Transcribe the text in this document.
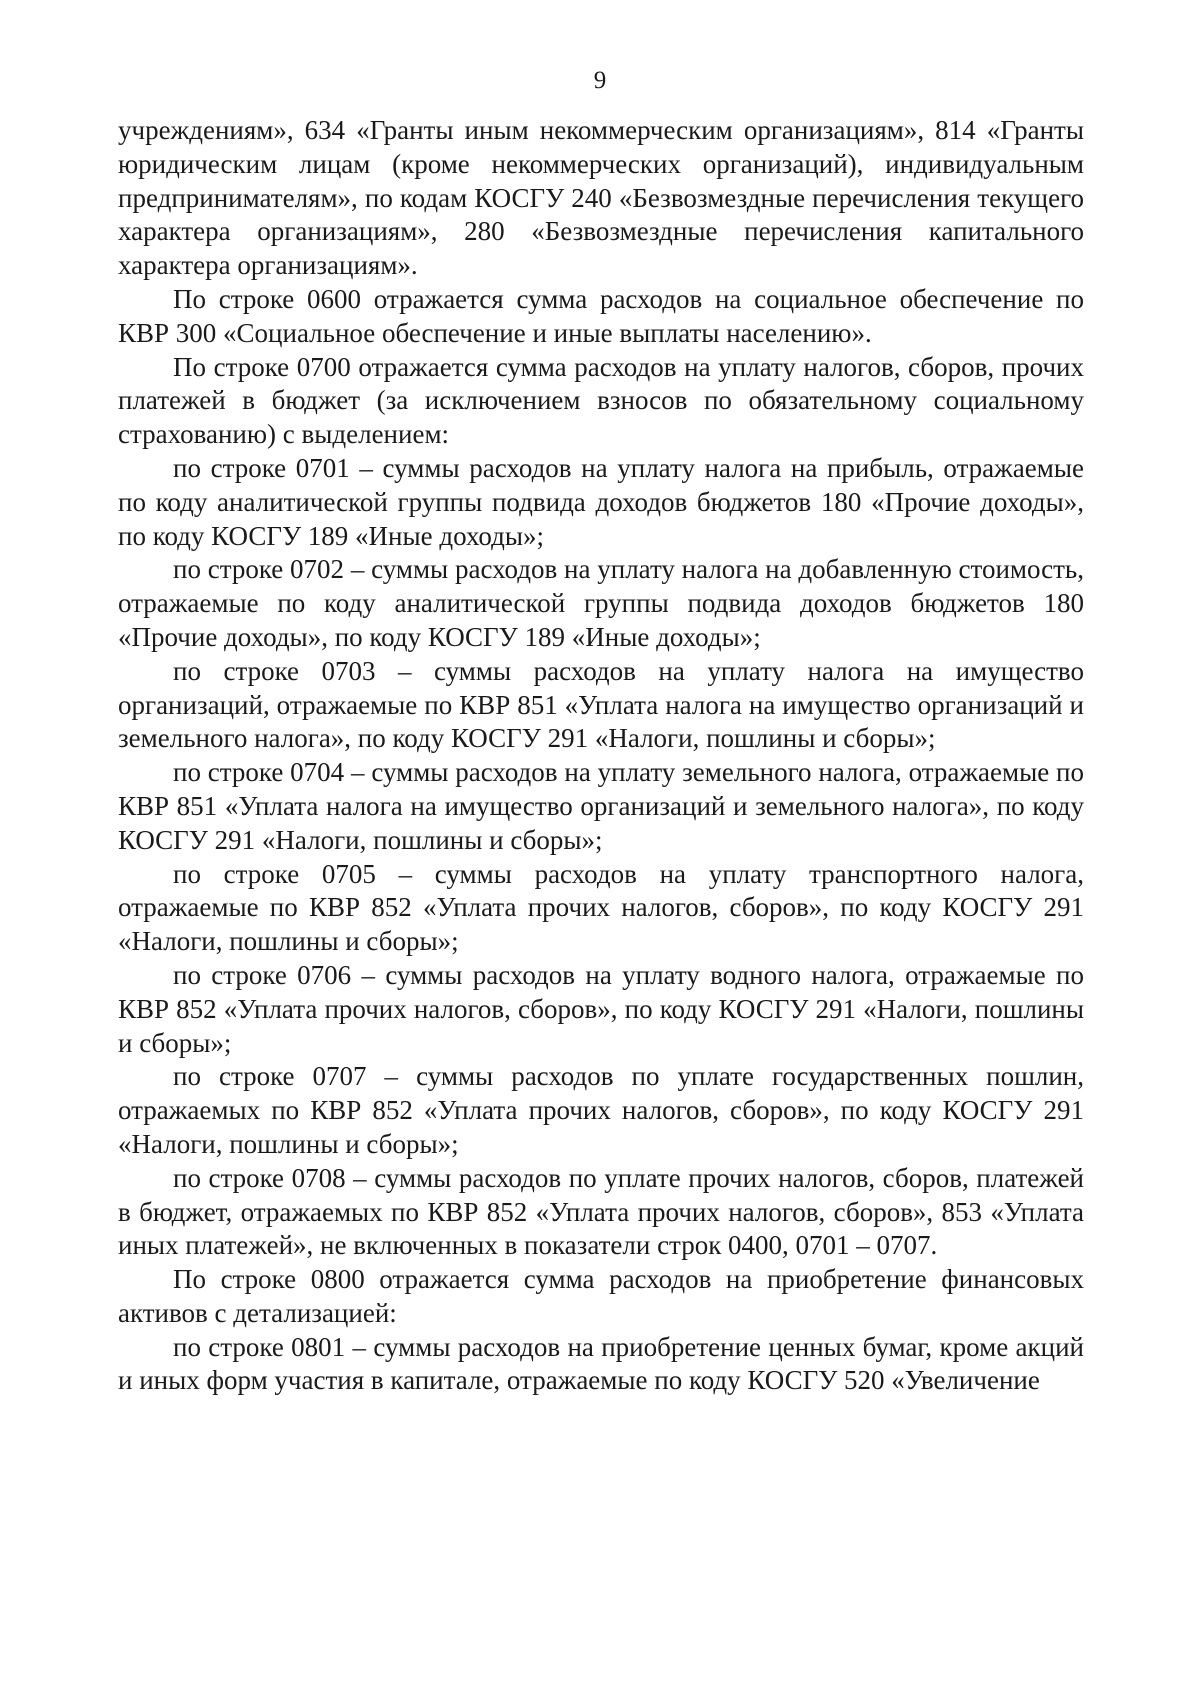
9

учреждениям», 634 «Гранты иным некоммерческим организациям», 814 «Гранты юридическим лицам (кроме некоммерческих организаций), индивидуальным предпринимателям», по кодам КОСГУ 240 «Безвозмездные перечисления текущего характера организациям», 280 «Безвозмездные перечисления капитального характера организациям».

По строке 0600 отражается сумма расходов на социальное обеспечение по КВР 300 «Социальное обеспечение и иные выплаты населению».

По строке 0700 отражается сумма расходов на уплату налогов, сборов, прочих платежей в бюджет (за исключением взносов по обязательному социальному страхованию) с выделением:

по строке 0701 – суммы расходов на уплату налога на прибыль, отражаемые по коду аналитической группы подвида доходов бюджетов 180 «Прочие доходы», по коду КОСГУ 189 «Иные доходы»;

по строке 0702 – суммы расходов на уплату налога на добавленную стоимость, отражаемые по коду аналитической группы подвида доходов бюджетов 180 «Прочие доходы», по коду КОСГУ 189 «Иные доходы»;

по строке 0703 – суммы расходов на уплату налога на имущество организаций, отражаемые по КВР 851 «Уплата налога на имущество организаций и земельного налога», по коду КОСГУ 291 «Налоги, пошлины и сборы»;

по строке 0704 – суммы расходов на уплату земельного налога, отражаемые по КВР 851 «Уплата налога на имущество организаций и земельного налога», по коду КОСГУ 291 «Налоги, пошлины и сборы»;

по строке 0705 – суммы расходов на уплату транспортного налога, отражаемые по КВР 852 «Уплата прочих налогов, сборов», по коду КОСГУ 291 «Налоги, пошлины и сборы»;

по строке 0706 – суммы расходов на уплату водного налога, отражаемые по КВР 852 «Уплата прочих налогов, сборов», по коду КОСГУ 291 «Налоги, пошлины и сборы»;

по строке 0707 – суммы расходов по уплате государственных пошлин, отражаемых по КВР 852 «Уплата прочих налогов, сборов», по коду КОСГУ 291 «Налоги, пошлины и сборы»;

по строке 0708 – суммы расходов по уплате прочих налогов, сборов, платежей в бюджет, отражаемых по КВР 852 «Уплата прочих налогов, сборов», 853 «Уплата иных платежей», не включенных в показатели строк 0400, 0701 – 0707.

По строке 0800 отражается сумма расходов на приобретение финансовых активов с детализацией:

по строке 0801 – суммы расходов на приобретение ценных бумаг, кроме акций и иных форм участия в капитале, отражаемые по коду КОСГУ 520 «Увеличение
